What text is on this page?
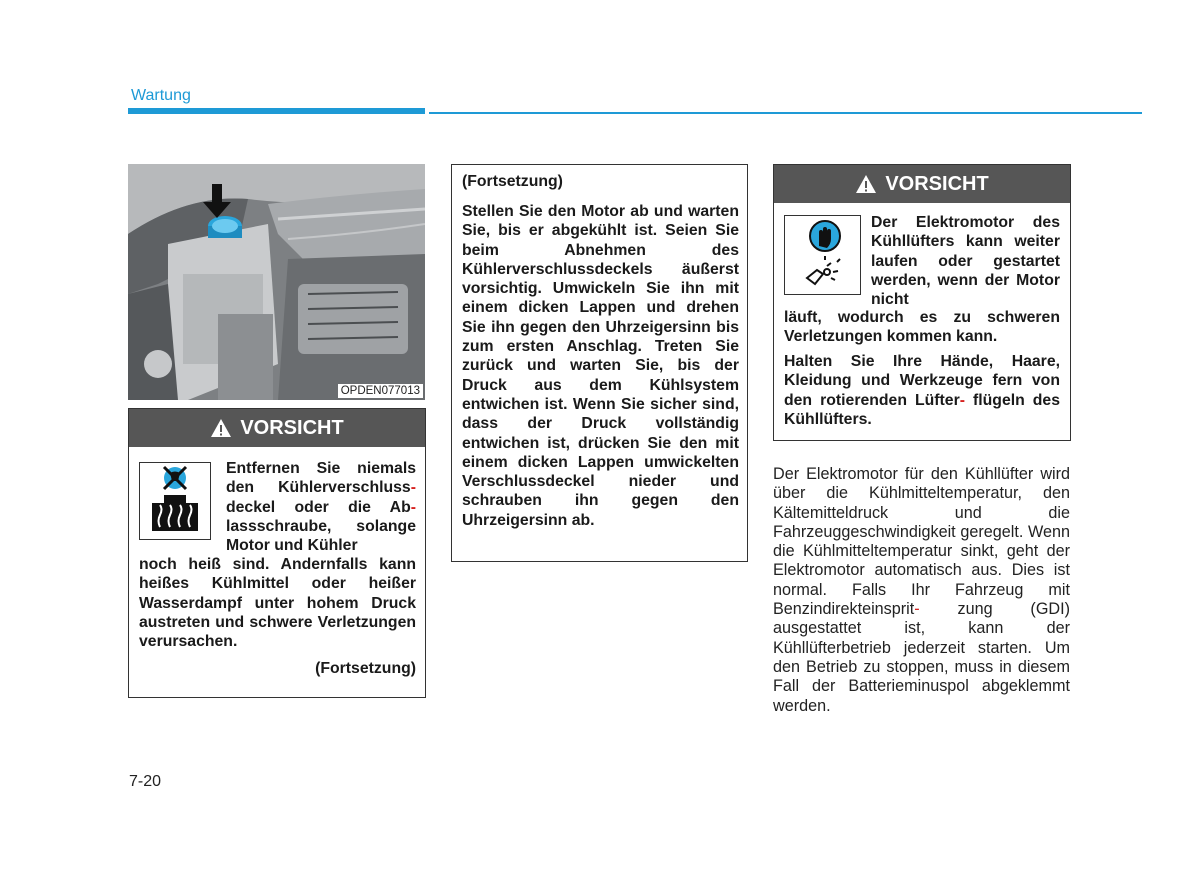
Wartung
OPDEN077013
VORSICHT
Entfernen Sie niemals den Kühlerverschluss- deckel oder die Ab- lassschraube, solange Motor und Kühler
noch heiß sind. Andernfalls kann heißes Kühlmittel oder heißer Wasserdampf unter hohem Druck austreten und schwere Verletzungen verursachen.
(Fortsetzung)
(Fortsetzung)
Stellen Sie den Motor ab und warten Sie, bis er abgekühlt ist. Seien Sie beim Abnehmen des Kühlerverschlussdeckels äußerst vorsichtig. Umwickeln Sie ihn mit einem dicken Lappen und drehen Sie ihn gegen den Uhrzeigersinn bis zum ersten Anschlag. Treten Sie zurück und warten Sie, bis der Druck aus dem Kühlsystem entwichen ist. Wenn Sie sicher sind, dass der Druck vollständig entwichen ist, drücken Sie den mit einem dicken Lappen umwickelten Verschlussdeckel nieder und schrauben ihn gegen den Uhrzeigersinn ab.
VORSICHT
Der Elektromotor des Kühllüfters kann weiter laufen oder gestartet werden, wenn der Motor nicht
läuft, wodurch es zu schweren Verletzungen kommen kann.
Halten Sie Ihre Hände, Haare, Kleidung und Werkzeuge fern von den rotierenden Lüfter- flügeln des Kühllüfters.
Der Elektromotor für den Kühllüfter wird über die Kühlmitteltemperatur, den Kältemitteldruck und die Fahrzeuggeschwindigkeit geregelt. Wenn die Kühlmitteltemperatur sinkt, geht der Elektromotor automatisch aus. Dies ist normal. Falls Ihr Fahrzeug mit Benzindirekteinsprit- zung (GDI) ausgestattet ist, kann der Kühllüfterbetrieb jederzeit starten. Um den Betrieb zu stoppen, muss in diesem Fall der Batterieminuspol abgeklemmt werden.
7-20
